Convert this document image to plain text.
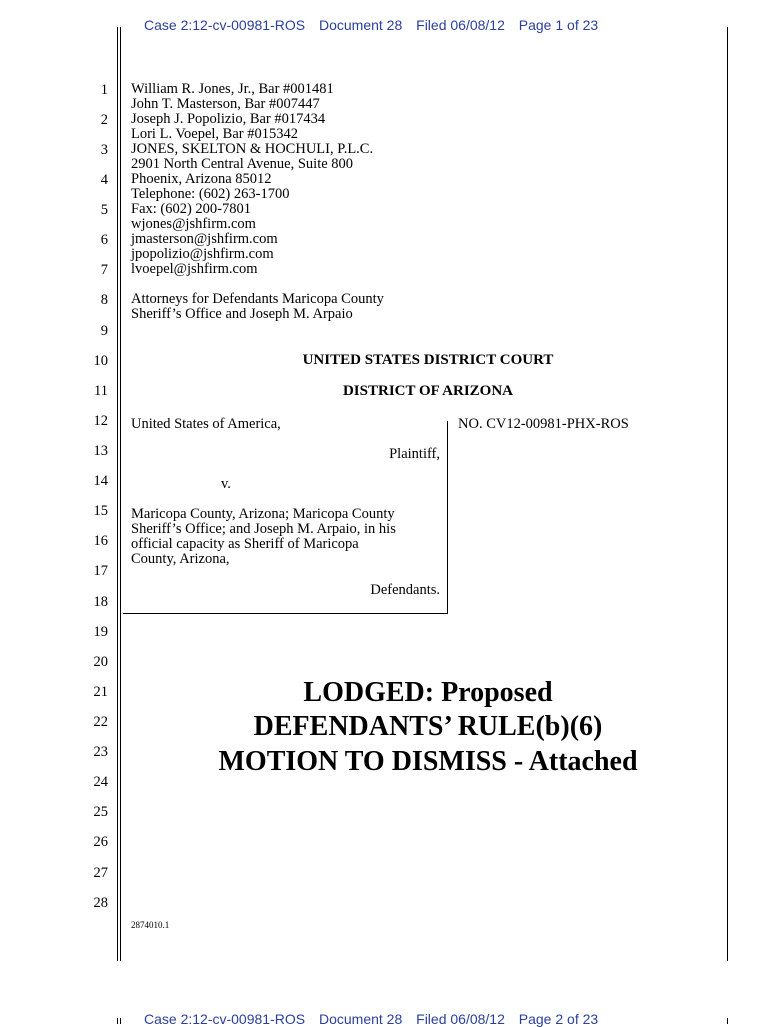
Case 2:12-cv-00981-ROS Document 28 Filed 06/08/12 Page 1 of 23
1
2
3
4
5
6
7
8
9
10
11
12
13
14
15
16
17
18
19
20
21
22
23
24
25
26
27
28
William R. Jones, Jr., Bar #001481
John T. Masterson, Bar #007447
Joseph J. Popolizio, Bar #017434
Lori L. Voepel, Bar #015342
JONES, SKELTON & HOCHULI, P.L.C.
2901 North Central Avenue, Suite 800
Phoenix, Arizona 85012
Telephone: (602) 263-1700
Fax: (602) 200-7801
wjones@jshfirm.com
jmasterson@jshfirm.com
jpopolizio@jshfirm.com
lvoepel@jshfirm.com
Attorneys for Defendants Maricopa County
Sheriff’s Office and Joseph M. Arpaio
UNITED STATES DISTRICT COURT
DISTRICT OF ARIZONA
United States of America,
Plaintiff,
v.
Maricopa County, Arizona; Maricopa County
Sheriff’s Office; and Joseph M. Arpaio, in his
official capacity as Sheriff of Maricopa
County, Arizona,
Defendants.
NO. CV12-00981-PHX-ROS
LODGED: Proposed
DEFENDANTS’ RULE(b)(6)
MOTION TO DISMISS - Attached
2874010.1
Case 2:12-cv-00981-ROS Document 28 Filed 06/08/12 Page 2 of 23
